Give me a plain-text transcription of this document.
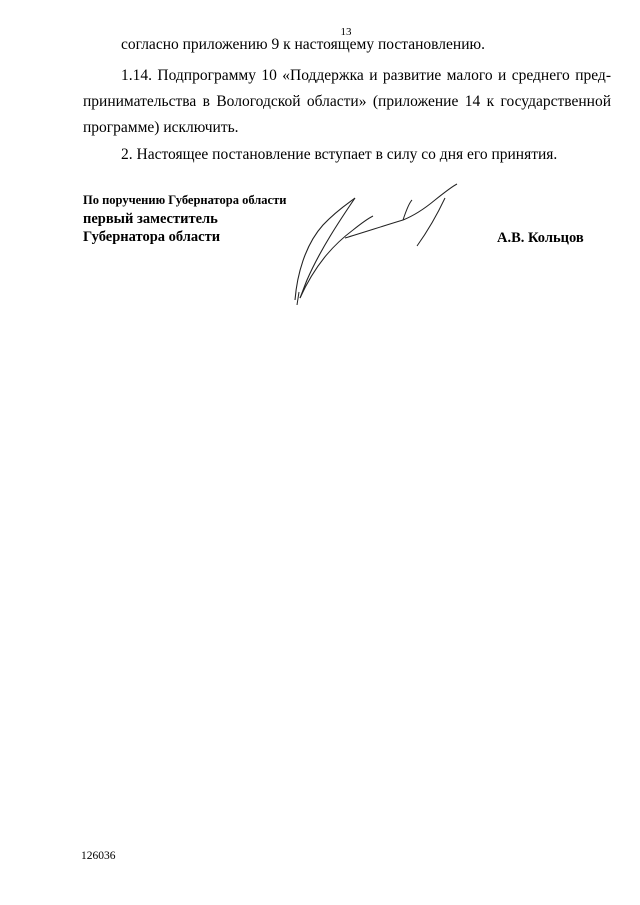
13
согласно приложению 9 к настоящему постановлению.
1.14. Подпрограмму 10 «Поддержка и развитие малого и среднего пред-
принимательства в Вологодской области» (приложение 14 к государственной
программе) исключить.
2. Настоящее постановление вступает в силу со дня его принятия.
По поручению Губернатора области
первый заместитель
Губернатора области	А.В. Кольцов
126036
